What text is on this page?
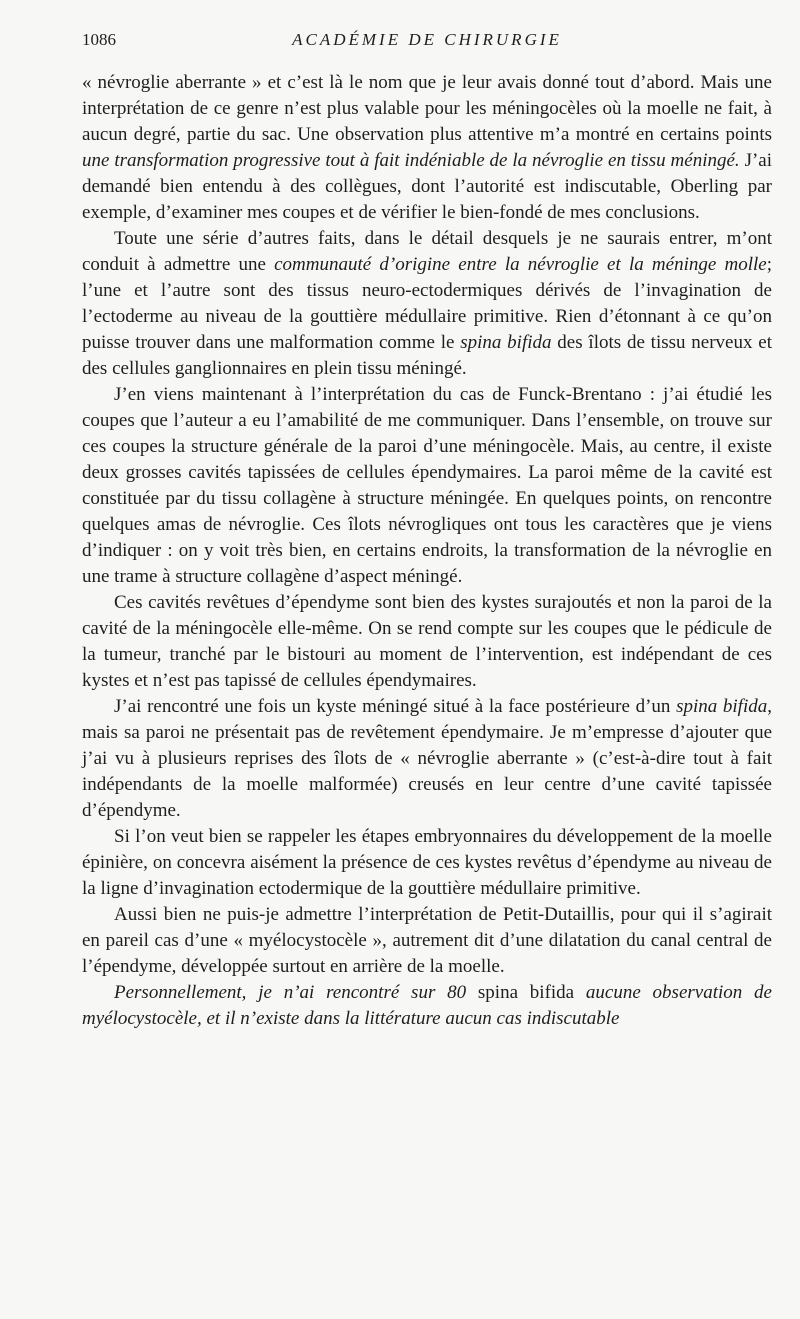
1086	ACADÉMIE DE CHIRURGIE

« névroglie aberrante » et c’est là le nom que je leur avais donné tout d’abord. Mais une interprétation de ce genre n’est plus valable pour les méningocèles où la moelle ne fait, à aucun degré, partie du sac. Une observation plus attentive m’a montré en certains points une transformation progressive tout à fait indéniable de la névroglie en tissu méningé. J’ai demandé bien entendu à des collègues, dont l’autorité est indiscutable, Oberling par exemple, d’examiner mes coupes et de vérifier le bien-fondé de mes conclusions.

Toute une série d’autres faits, dans le détail desquels je ne saurais entrer, m’ont conduit à admettre une communauté d’origine entre la névroglie et la méninge molle; l’une et l’autre sont des tissus neuro-ectodermiques dérivés de l’invagination de l’ectoderme au niveau de la gouttière médullaire primitive. Rien d’étonnant à ce qu’on puisse trouver dans une malformation comme le spina bifida des îlots de tissu nerveux et des cellules ganglionnaires en plein tissu méningé.

J’en viens maintenant à l’interprétation du cas de Funck-Brentano : j’ai étudié les coupes que l’auteur a eu l’amabilité de me communiquer. Dans l’ensemble, on trouve sur ces coupes la structure générale de la paroi d’une méningocèle. Mais, au centre, il existe deux grosses cavités tapissées de cellules épendymaires. La paroi même de la cavité est constituée par du tissu collagène à structure méningée. En quelques points, on rencontre quelques amas de névroglie. Ces îlots névrogliques ont tous les caractères que je viens d’indiquer : on y voit très bien, en certains endroits, la transformation de la névroglie en une trame à structure collagène d’aspect méningé.

Ces cavités revêtues d’épendyme sont bien des kystes surajoutés et non la paroi de la cavité de la méningocèle elle-même. On se rend compte sur les coupes que le pédicule de la tumeur, tranché par le bistouri au moment de l’intervention, est indépendant de ces kystes et n’est pas tapissé de cellules épendymaires.

J’ai rencontré une fois un kyste méningé situé à la face postérieure d’un spina bifida, mais sa paroi ne présentait pas de revêtement épendymaire. Je m’empresse d’ajouter que j’ai vu à plusieurs reprises des îlots de « névroglie aberrante » (c’est-à-dire tout à fait indépendants de la moelle malformée) creusés en leur centre d’une cavité tapissée d’épendyme.

Si l’on veut bien se rappeler les étapes embryonnaires du développement de la moelle épinière, on concevra aisément la présence de ces kystes revêtus d’épendyme au niveau de la ligne d’invagination ectodermique de la gouttière médullaire primitive.

Aussi bien ne puis-je admettre l’interprétation de Petit-Dutaillis, pour qui il s’agirait en pareil cas d’une « myélocystocèle », autrement dit d’une dilatation du canal central de l’épendyme, développée surtout en arrière de la moelle.

Personnellement, je n’ai rencontré sur 80 spina bifida aucune observation de myélocystocèle, et il n’existe dans la littérature aucun cas indiscutable
